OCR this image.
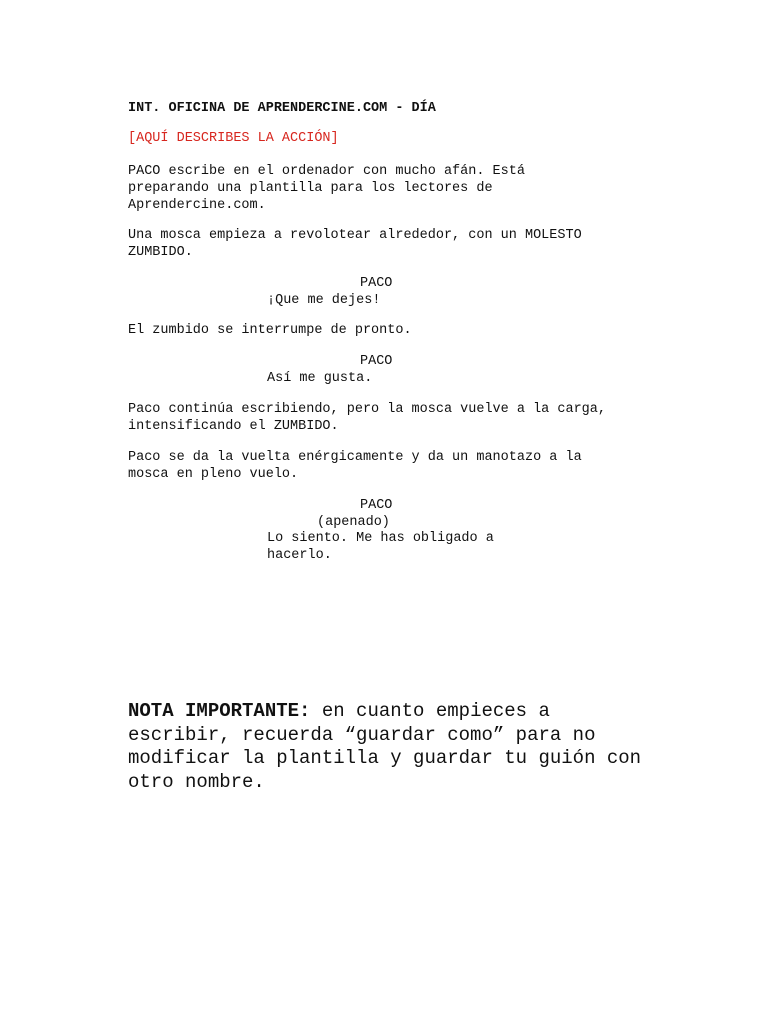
INT. OFICINA DE APRENDERCINE.COM - DÍA

[AQUÍ DESCRIBES LA ACCIÓN]

PACO escribe en el ordenador con mucho afán. Está

preparando una plantilla para los lectores de

Aprendercine.com.

Una mosca empieza a revolotear alrededor, con un MOLESTO

ZUMBIDO.

PACO

¡Que me dejes!

El zumbido se interrumpe de pronto.

PACO

Así me gusta.

Paco continúa escribiendo, pero la mosca vuelve a la carga,

intensificando el ZUMBIDO.

Paco se da la vuelta enérgicamente y da un manotazo a la

mosca en pleno vuelo.

PACO

(apenado)

Lo siento. Me has obligado a

hacerlo.

NOTA IMPORTANTE: en cuanto empieces a escribir, recuerda “guardar como” para no modificar la plantilla y guardar tu guión con otro nombre.
